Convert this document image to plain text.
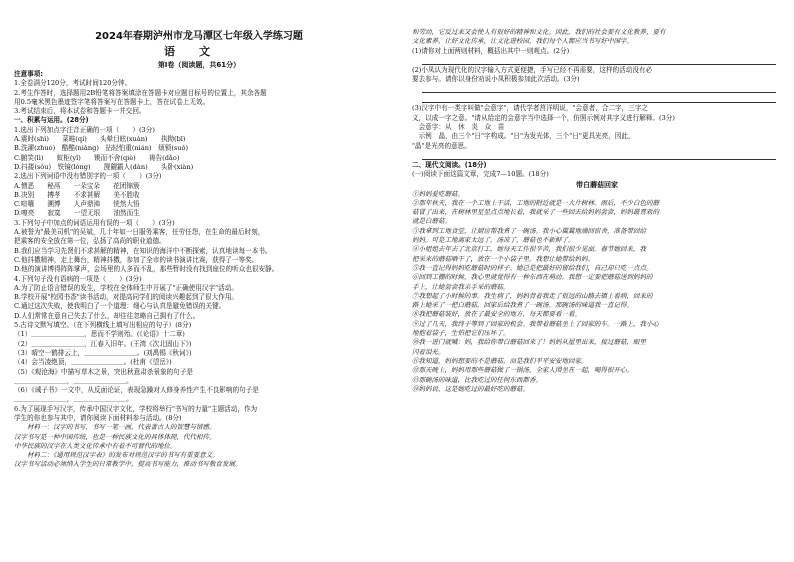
2024年春期泸州市龙马潭区七年级入学练习题
语文
第Ⅰ卷（阅读题，共61分）
注意事项:
1.全卷满分120分，考试时间120分钟。
2.考生作答时，选择题用2B铅笔将答案填涂在答题卡对应题目标号的位置上，其余各题
用0.5毫米黑色墨迹签字笔将答案写在答题卡上，答在试卷上无效。
3.考试结束后，将本试卷和答题卡一并交回。
一、积累与运用。(28分)
1.选出下列加点字注音正确的一项（　　）(3分)
A.震时(shì)　　菜畦(qí)　　头晕目眩(xuàn)　　执拗(bī)
B.洗濯(zhuó)　酷酷(niàng)　拈轻怕重(nián)　烦锁(suǒ)
C.腑笑(lì)　　蚁柜(yǐ)　　锲而不舍(qiè)　　祷告(dǎo)
D.抖搂(sǒu)　铁镜(lóng)　　觊觎霸人(dàn)　　头卧(xiàn)
2.选出下列词语中没有错别字的一项（　　）(3分)
A.憎恶　　秘鬲　　一朵宝朵　　花团锦簇
B.决别　　搏孝　　不求甚解　　美不胜收
C.喧嚷　　溯博　　人声鼎沸　　恍然大悟
D.嘹亮　　寂寞　　一望无垠　　油然而生
3.下列句子中加点的词语运用有误的一项（　　）(3分)
A.被誉为"最美司机"的吴斌，几十年如一日服务乘客，任劳任怨，在生命的最后时刻，
把乘客的安全放在第一位，弘扬了高尚的职业道德。
B.我们应当学习先贤们不求甚解的精神，在知识的海洋中不断探索，认真地读每一本书。
C.他抖擞精神，走上舞台，精神抖擞，参加了全市的读书演讲比赛，获得了一等奖。
D.他的演讲博得阵阵掌声，会场里的人多而不乱，那些暂时没有找到座位的听众也很安静。
4.下列句子没有语病的一项是（　　）(3分)
A.为了防止语言错误的发生，学校在全体师生中开展了"正确使用汉字"活动。
B.学校开展"校园书香"读书活动，对提高同学们的阅读兴趣起到了很大作用。
C.通过这次失败，使我明白了一个道理：细心与认真是避免错误的关键。
D.人们常常在意自己失去了什么，却往往忽略自己拥有了什么。
5.古诗文默写填空。（在下列横线上填写出相应的句子）(8分)
（1）＿＿＿＿＿＿＿＿，思而不学则殆。(《论语》十二章)
（2）＿＿＿＿＿＿＿＿，江春入旧年。(王湾《次北固山下》)
（3）晴空一鹤排云上，＿＿＿＿＿＿＿＿。(刘禹锡《秋词》)
（4）会当凌绝顶，＿＿＿＿＿＿＿＿。(杜甫《望岳》)
（5）《观沧海》中描写草木之景，突出秋意肃杀景象的句子是
＿＿＿＿＿＿＿＿，＿＿＿＿＿＿＿＿。
（6）《诫子书》一文中，从反面论证，表现急躁对人修身养性产生不良影响的句子是
＿＿＿＿＿＿＿＿，＿＿＿＿＿＿＿＿。
6.为了展现手写汉字，传承中国汉字文化，学校将举行"书写的力量"主题活动，作为
学生的你也参与其中，请你阅读下面材料参与活动。(8分)
　　材料一：汉字的书写，书写一笔一画，代表著古人的智慧与情感。
汉字书写是一种中国传统，也是一种民族文化的具体体现，代代相传。
中华民族的汉字在人类文化传承中有着不可替代的地位。
　　材料二：《通用规范汉字表》的发布对规范汉字的书写有重要意义。
汉字书写活动必须纳入学生的日常教学中，提高书写能力，推动书写教育发展。
和劳动，它反过来又会使人有很好的精神和文化。因此，我们的社会要有文化教养，要有
文化素养，让好文化传承，让文化进校园，我们每个人都应当书写好中国字。
(1)请你对上面两则材料，概括出其中一则观点。(2分)
(2)小凤认为现代化的汉字输入方式更便捷，手写已经不再需要，这样的活动没有必
要去参与。请你以身份劝说小凤积极参加此次活动。(3分)
(3)汉字中有一类字叫做"会意字"，请代学者莒洋明说，"会意者，合二字，三字之
义，以成一字之意。"请从给定的会意字当中选择一个，仿照示例对其字义进行解释。(3分)
　会意字：从　休　炎　众　苗
　示例　晶，由三个"日"字构成。"日"为发光体，三个"日"更具光亮，因此，
"晶"是光亮的意思。
二、现代文阅读。(18分)
(一)阅读下面这篇文章，完成7—10题。(18分)
带白蘑菇回家
①妈妈爱吃蘑菇。
②那年秋天，我在一个工地上干活，工地的附近就是一大片树林。雨后，不少白色的蘑
菇冒了出来，在树林里星星点点地长着，我就采了一些回去给妈妈尝尝，妈妈最喜欢的
就是白蘑菇。
③我拿到工地食堂，让厨房帮我煮了一碗汤。我小心翼翼地端回宿舍，准备带回给
妈妈。可是工地离家太远了，汤凉了，蘑菇也不新鲜了。
④小姐姐去年去了北京打工，她每天工作很辛苦，我们很少见面。春节她回来，我
把采来的蘑菇晒干了，放在一个小袋子里。我想让她带给妈妈。
⑤我一直记得妈妈吃蘑菇时的样子。她总是把最好的留给我们，自己却只吃一点点。
⑥回到工棚的时候，我心里就觉得有一种东西在萌动。我想一定要把蘑菇送到妈妈的
手上，让她尝尝我亲手采的蘑菇。
⑦我想起了小时候的事。我生病了，妈妈背着我走了很远的山路去镇上看病，回来的
路上她采了一把白蘑菇，回家后给我煮了一碗汤。那碗汤的味道我一直记得。
⑧我把蘑菇装好，放在了最安全的地方，每天都要看一看。
⑨过了几天，我终于等到了回家的机会。我带着蘑菇坐上了回家的车。一路上，我小心
地抱着袋子，生怕把它们压坏了。
⑩我一进门就喊：妈，我给你带白蘑菇回来了！妈妈从屋里出来，接过蘑菇，眼里
闪着泪光。
⑪我知道，妈妈想要的不是蘑菇，而是我们平平安安地回家。
⑫那天晚上，妈妈用那些蘑菇做了一锅汤，全家人围坐在一起，喝得很开心。
⑬那碗汤的味道，比我吃过的任何东西都香。
⑭妈妈说，这是她吃过的最好吃的蘑菇。
